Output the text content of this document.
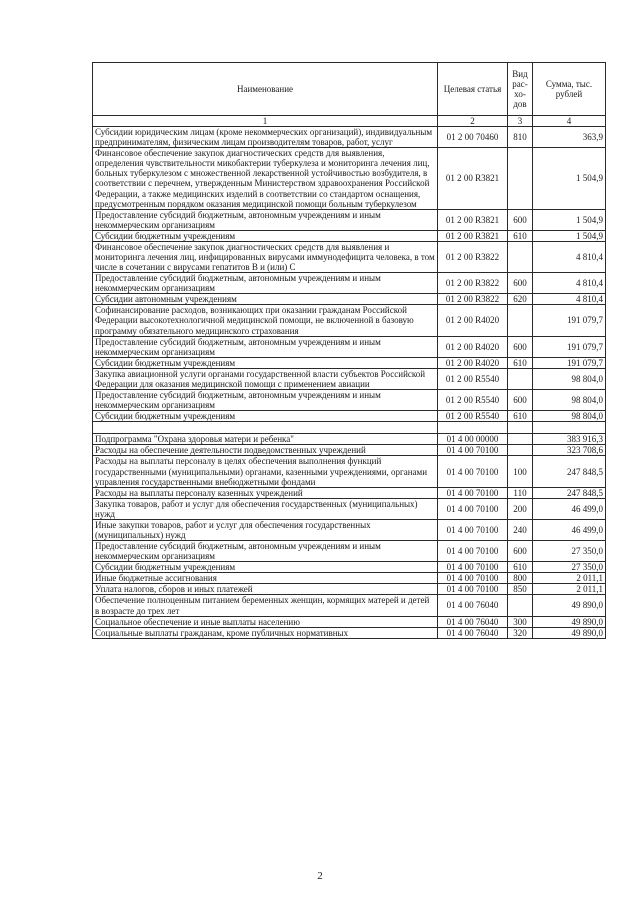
Наименование	Целевая статья	Вид рас- хо- дов	Сумма, тыс. рублей
1	2	3	4
Субсидии юридическим лицам (кроме некоммерческих организаций), индивидуальным предпринимателям, физическим лицам производителям товаров, работ, услуг	01 2 00 70460	810	363,9
Финансовое обеспечение закупок диагностических средств для выявления, определения чувствительности микобактерии туберкулеза и мониторинга лечения лиц, больных туберкулезом с множественной лекарственной устойчивостью возбудителя, в соответствии с перечнем, утвержденным Министерством здравоохранения Российской Федерации, а также медицинских изделий в соответствии со стандартом оснащения, предусмотренным порядком оказания медицинской помощи больным туберкулезом	01 2 00 R3821		1 504,9
Предоставление субсидий бюджетным, автономным учреждениям и иным некоммерческим организациям	01 2 00 R3821	600	1 504,9
Субсидии бюджетным учреждениям	01 2 00 R3821	610	1 504,9
Финансовое обеспечение закупок диагностических средств для выявления и мониторинга лечения лиц, инфицированных вирусами иммунодефицита человека, в том числе в сочетании с вирусами гепатитов B и (или) C	01 2 00 R3822		4 810,4
Предоставление субсидий бюджетным, автономным учреждениям и иным некоммерческим организациям	01 2 00 R3822	600	4 810,4
Субсидии автономным учреждениям	01 2 00 R3822	620	4 810,4
Софинансирование расходов, возникающих при оказании гражданам Российской Федерации высокотехнологичной медицинской помощи, не включенной в базовую программу обязательного медицинского страхования	01 2 00 R4020		191 079,7
Предоставление субсидий бюджетным, автономным учреждениям и иным некоммерческим организациям	01 2 00 R4020	600	191 079,7
Субсидии бюджетным учреждениям	01 2 00 R4020	610	191 079,7
Закупка авиационной услуги органами государственной власти субъектов Российской Федерации для оказания медицинской помощи с применением авиации	01 2 00 R5540		98 804,0
Предоставление субсидий бюджетным, автономным учреждениям и иным некоммерческим организациям	01 2 00 R5540	600	98 804,0
Субсидии бюджетным учреждениям	01 2 00 R5540	610	98 804,0

Подпрограмма "Охрана здоровья матери и ребенка"	01 4 00 00000		383 916,3
Расходы на обеспечение деятельности подведомственных учреждений	01 4 00 70100		323 708,6
Расходы на выплаты персоналу в целях обеспечения выполнения функций государственными (муниципальными) органами, казенными учреждениями, органами управления государственными внебюджетными фондами	01 4 00 70100	100	247 848,5
Расходы на выплаты персоналу казенных учреждений	01 4 00 70100	110	247 848,5
Закупка товаров, работ и услуг для обеспечения государственных (муниципальных) нужд	01 4 00 70100	200	46 499,0
Иные закупки товаров, работ и услуг для обеспечения государственных (муниципальных) нужд	01 4 00 70100	240	46 499,0
Предоставление субсидий бюджетным, автономным учреждениям и иным некоммерческим организациям	01 4 00 70100	600	27 350,0
Субсидии бюджетным учреждениям	01 4 00 70100	610	27 350,0
Иные бюджетные ассигнования	01 4 00 70100	800	2 011,1
Уплата налогов, сборов и иных платежей	01 4 00 70100	850	2 011,1
Обеспечение полноценным питанием беременных женщин, кормящих матерей и детей в возрасте до трех лет	01 4 00 76040		49 890,0
Социальное обеспечение и иные выплаты населению	01 4 00 76040	300	49 890,0
Социальные выплаты гражданам, кроме публичных нормативных	01 4 00 76040	320	49 890,0
2
